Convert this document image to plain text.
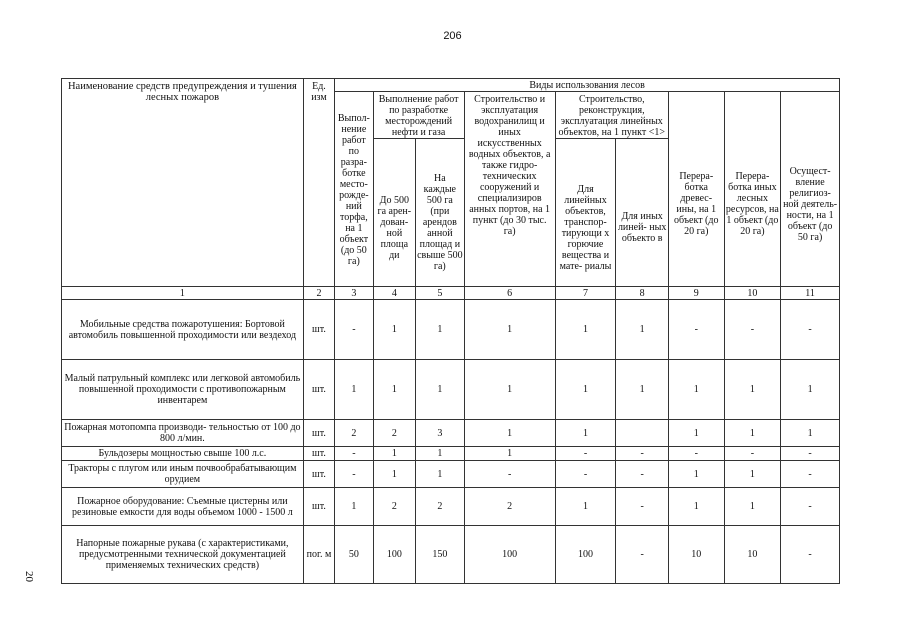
206
20
Наименование средств предупреждения и тушения лесных пожаров	Ед. изм	Виды использования лесов								
		Выпол- нение работ по разра- ботке место- рожде- ний торфа, на 1 объект (до 50 га)	Выполнение работ по разработке месторождений нефти и газа		Строительство и эксплуатация водохранилищ и иных искусственных водных объектов, а также гидро- технических сооружений и специализиров анных портов, на 1 пункт (до 30 тыс. га)	Строительство, реконструкция, эксплуатация линейных объектов, на 1 пункт <1>		Перера- ботка древес- ины, на 1 объект (до 20 га)	Перера- ботка иных лесных ресурсов, на 1 объект (до 20 га)	Осущест- вление религиоз- ной деятель- ности, на 1 объект (до 50 га)
			До 500 га арен- дован- ной площа ди	На каждые 500 га (при арендов анной площад и свыше 500 га)		Для линейных объектов, транспор- тирующи х горючие вещества и мате- риалы	Для иных линей- ных объекто в			

1	2	3	4	5	6	7	8	9	10	11
Мобильные средства пожаротушения: Бортовой автомобиль повышенной проходимости или вездеход	шт.	-	1	1	1	1	1	-	-	-
Малый патрульный комплекс или легковой автомобиль повышенной проходимости с противопожарным инвентарем	шт.	1	1	1	1	1	1	1	1	1
Пожарная мотопомпа производи- тельностью от 100 до 800 л/мин.	шт.	2	2	3	1	1		1	1	1
Бульдозеры мощностью свыше 100 л.с.	шт.	-	1	1	1	-	-	-	-	-
Тракторы с плугом или иным почвообрабатывающим орудием	шт.	-	1	1	-	-	-	1	1	-
Пожарное оборудование: Съемные цистерны или резиновые емкости для воды объемом 1000 - 1500 л	шт.	1	2	2	2	1	-	1	1	-
Напорные пожарные рукава (с характеристиками, предусмотренными технической документацией применяемых технических средств)	пог. м	50	100	150	100	100	-	10	10	-
